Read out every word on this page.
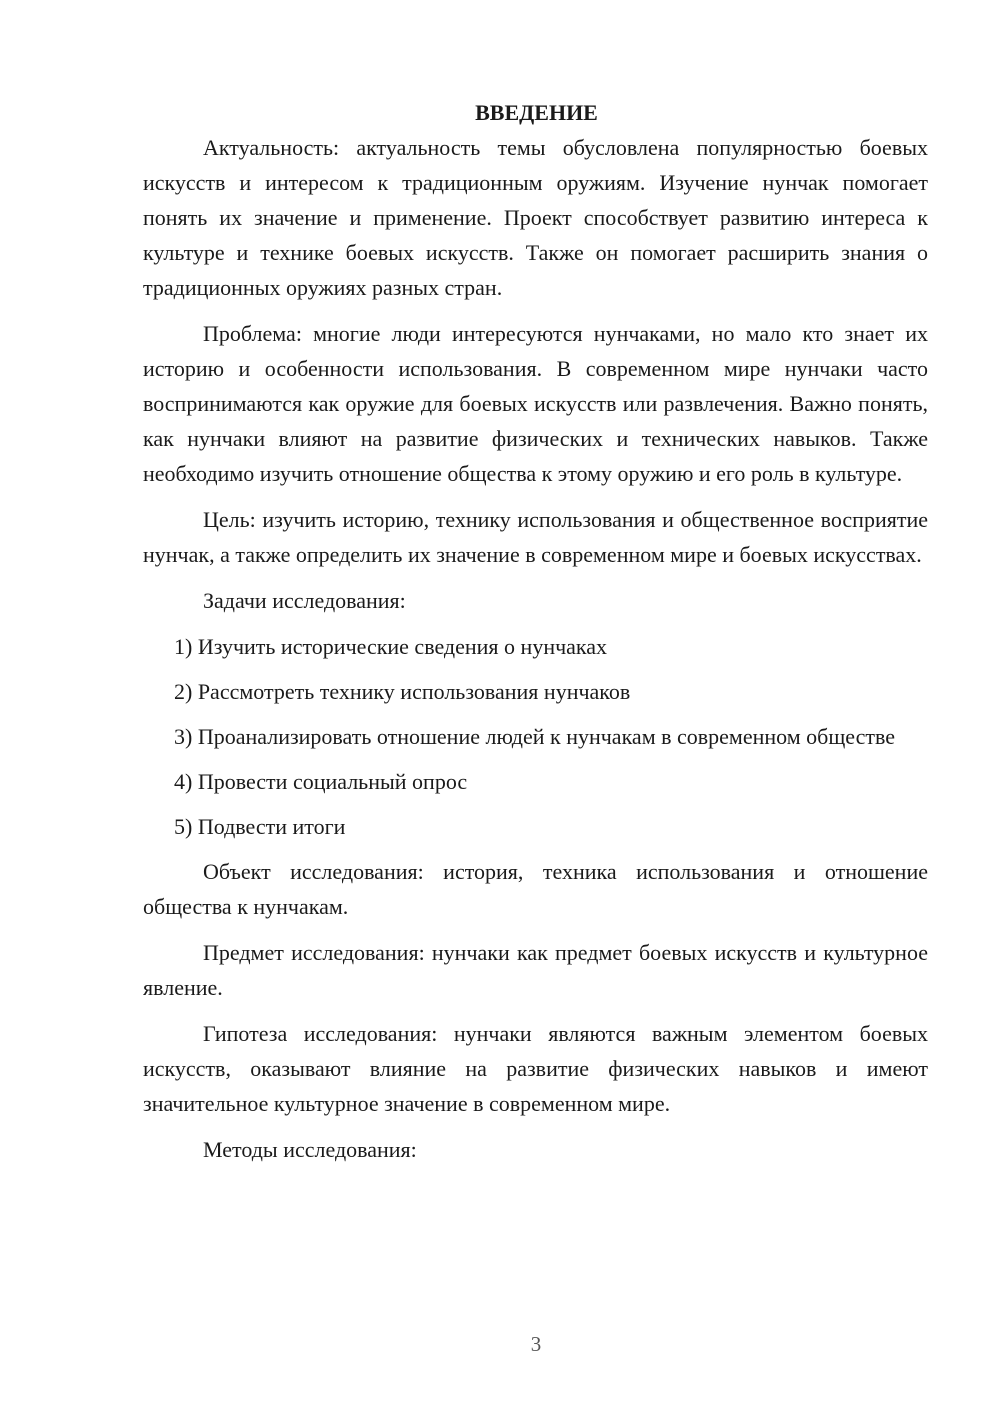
ВВЕДЕНИЕ

Актуальность: актуальность темы обусловлена популярностью боевых искусств и интересом к традиционным оружиям. Изучение нунчак помогает понять их значение и применение. Проект способствует развитию интереса к культуре и технике боевых искусств. Также он помогает расширить знания о традиционных оружиях разных стран.

Проблема: многие люди интересуются нунчаками, но мало кто знает их историю и особенности использования. В современном мире нунчаки часто воспринимаются как оружие для боевых искусств или развлечения. Важно понять, как нунчаки влияют на развитие физических и технических навыков. Также необходимо изучить отношение общества к этому оружию и его роль в культуре.

Цель: изучить историю, технику использования и общественное восприятие нунчак, а также определить их значение в современном мире и боевых искусствах.

Задачи исследования:

1) Изучить исторические сведения о нунчаках

2) Рассмотреть технику использования нунчаков

3) Проанализировать отношение людей к нунчакам в современном обществе

4) Провести социальный опрос

5) Подвести итоги

Объект исследования: история, техника использования и отношение общества к нунчакам.

Предмет исследования: нунчаки как предмет боевых искусств и культурное явление.

Гипотеза исследования: нунчаки являются важным элементом боевых искусств, оказывают влияние на развитие физических навыков и имеют значительное культурное значение в современном мире.

Методы исследования:

3
